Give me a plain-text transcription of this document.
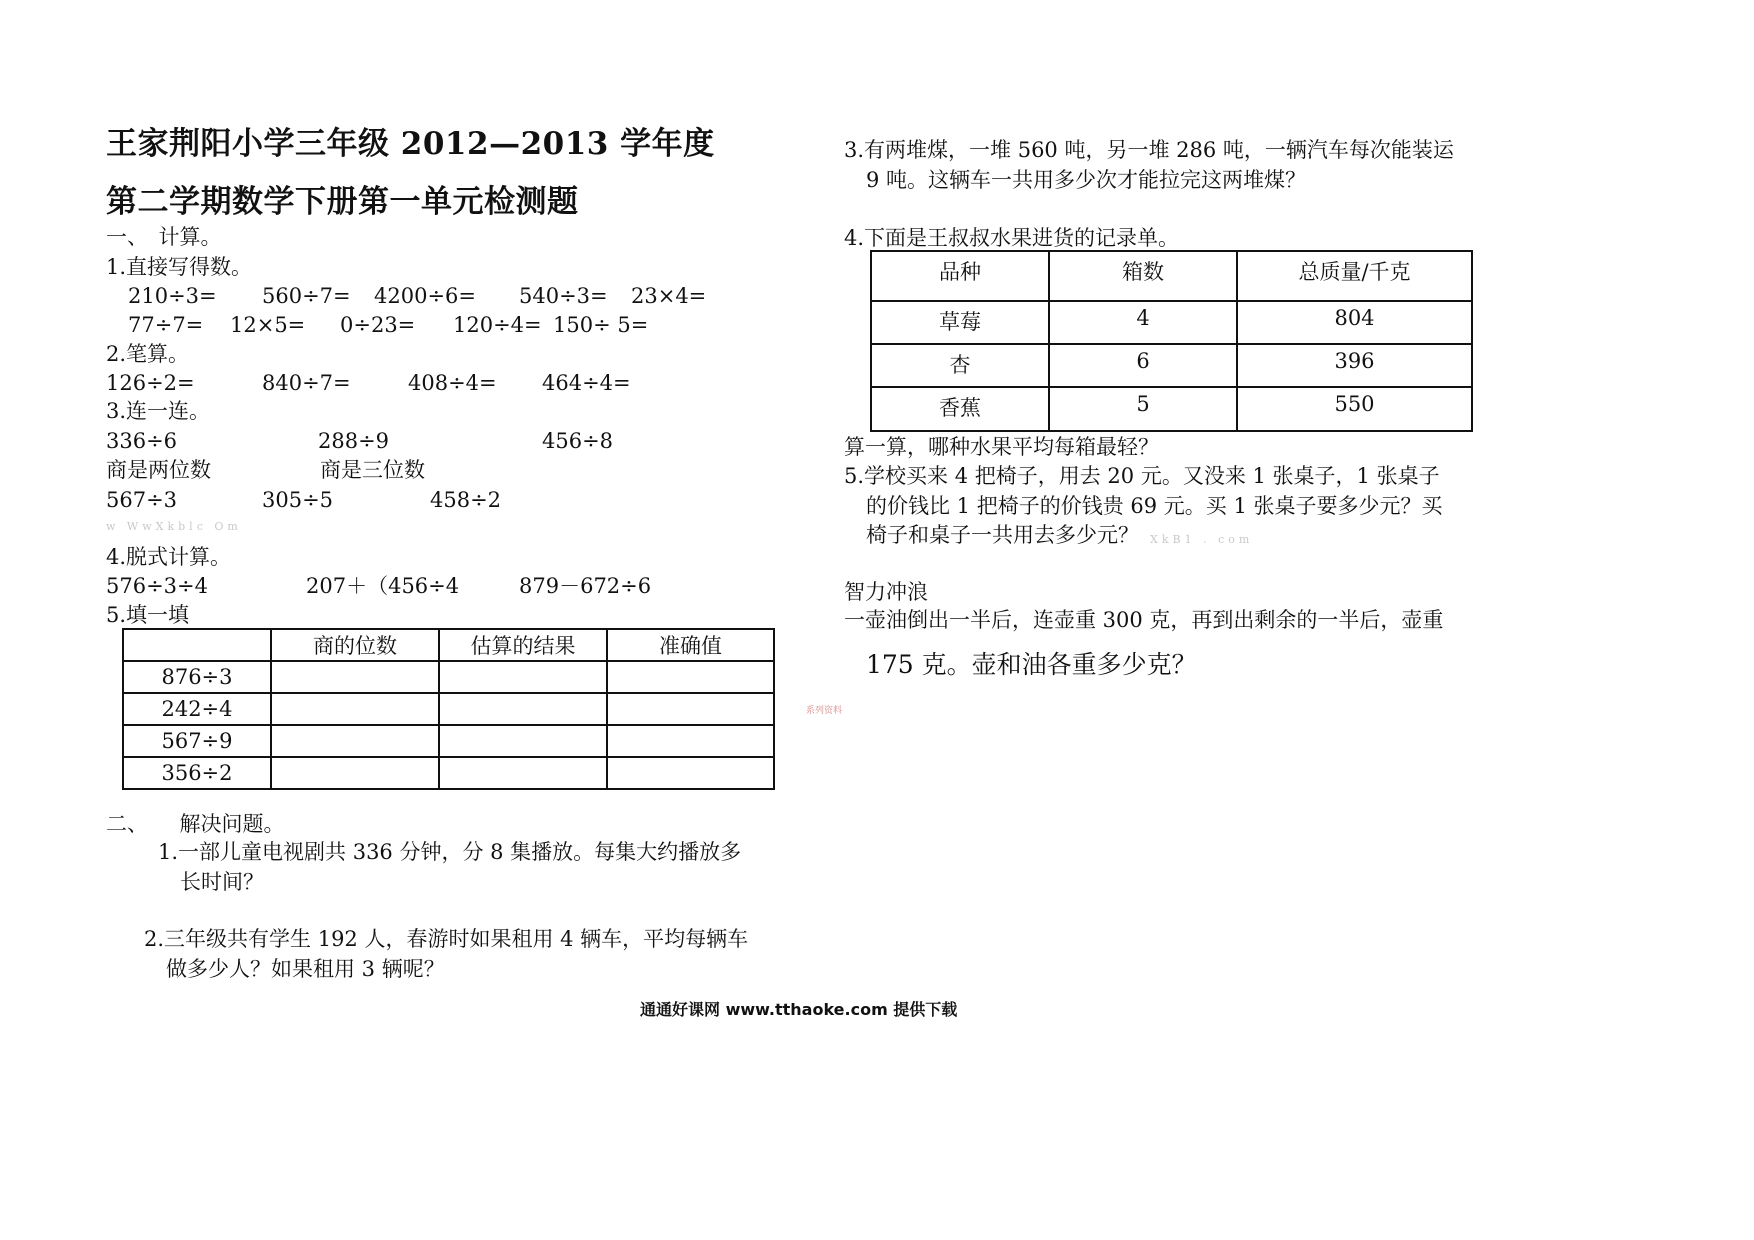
王家荆阳小学三年级 2012—2013 学年度
第二学期数学下册第一单元检测题
一、　计算。
1.直接写得数。
210÷3= 560÷7= 4200÷6= 540÷3= 23×4=
77÷7= 12×5= 0÷23= 120÷4= 150÷ 5=
2.笔算。
126÷2=	840÷7=	408÷4= 464÷4=
3.连一连。
336÷6	288÷9	456÷8
商是两位数	商是三位数
567÷3	305÷5	458÷2
w WwXkblc Om
4.脱式计算。
576÷3÷4	207＋（456÷4	879－672÷6
5.填一填
	商的位数	估算的结果	准确值
876÷3			
242÷4			
567÷9			
356÷2			
二、　　解决问题。
1.一部儿童电视剧共 336 分钟，分 8 集播放。每集大约播放多
长时间？
2.三年级共有学生 192 人，春游时如果租用 4 辆车，平均每辆车
做多少人？如果租用 3 辆呢？
3.有两堆煤，一堆 560 吨，另一堆 286 吨，一辆汽车每次能装运
9 吨。这辆车一共用多少次才能拉完这两堆煤？
4.下面是王叔叔水果进货的记录单。
品种	箱数	总质量/千克
草莓	4	804
杏	6	396
香蕉	5	550
算一算，哪种水果平均每箱最轻？
5.学校买来 4 把椅子，用去 20 元。又没来 1 张桌子，1 张桌子
的价钱比 1 把椅子的价钱贵 69 元。买 1 张桌子要多少元？买
椅子和桌子一共用去多少元？ XkB1 . com
智力冲浪
一壶油倒出一半后，连壶重 300 克，再到出剩余的一半后，壶重
175 克。壶和油各重多少克？
系列资料
通通好课网 www.tthaoke.com 提供下载
